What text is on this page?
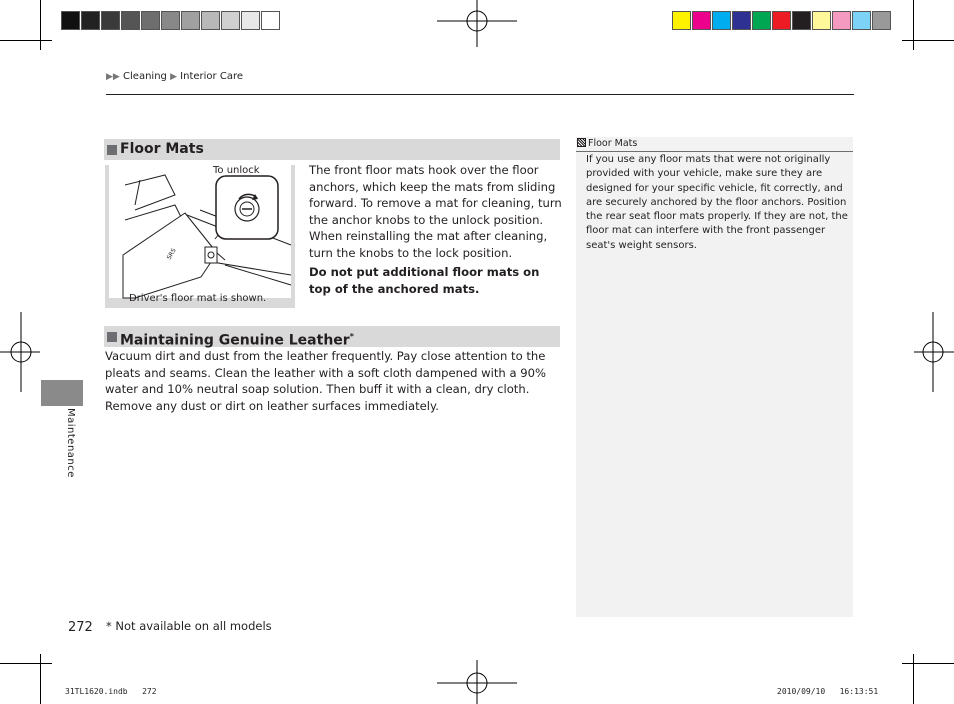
▶▶ Cleaning ▶ Interior Care
Floor Mats
SRS
To unlock
Driver's floor mat is shown.
The front floor mats hook over the floor anchors, which keep the mats from sliding forward. To remove a mat for cleaning, turn the anchor knobs to the unlock position. When reinstalling the mat after cleaning, turn the knobs to the lock position.
Do not put additional floor mats on top of the anchored mats.
Maintaining Genuine Leather*
Vacuum dirt and dust from the leather frequently. Pay close attention to the pleats and seams. Clean the leather with a soft cloth dampened with a 90% water and 10% neutral soap solution. Then buff it with a clean, dry cloth. Remove any dust or dirt on leather surfaces immediately.
Floor Mats
If you use any floor mats that were not originally provided with your vehicle, make sure they are designed for your specific vehicle, fit correctly, and are securely anchored by the floor anchors. Position the rear seat floor mats properly. If they are not, the floor mat can interfere with the front passenger seat's weight sensors.
Maintenance
272 * Not available on all models
31TL1620.indb   272	2010/09/10   16:13:51
